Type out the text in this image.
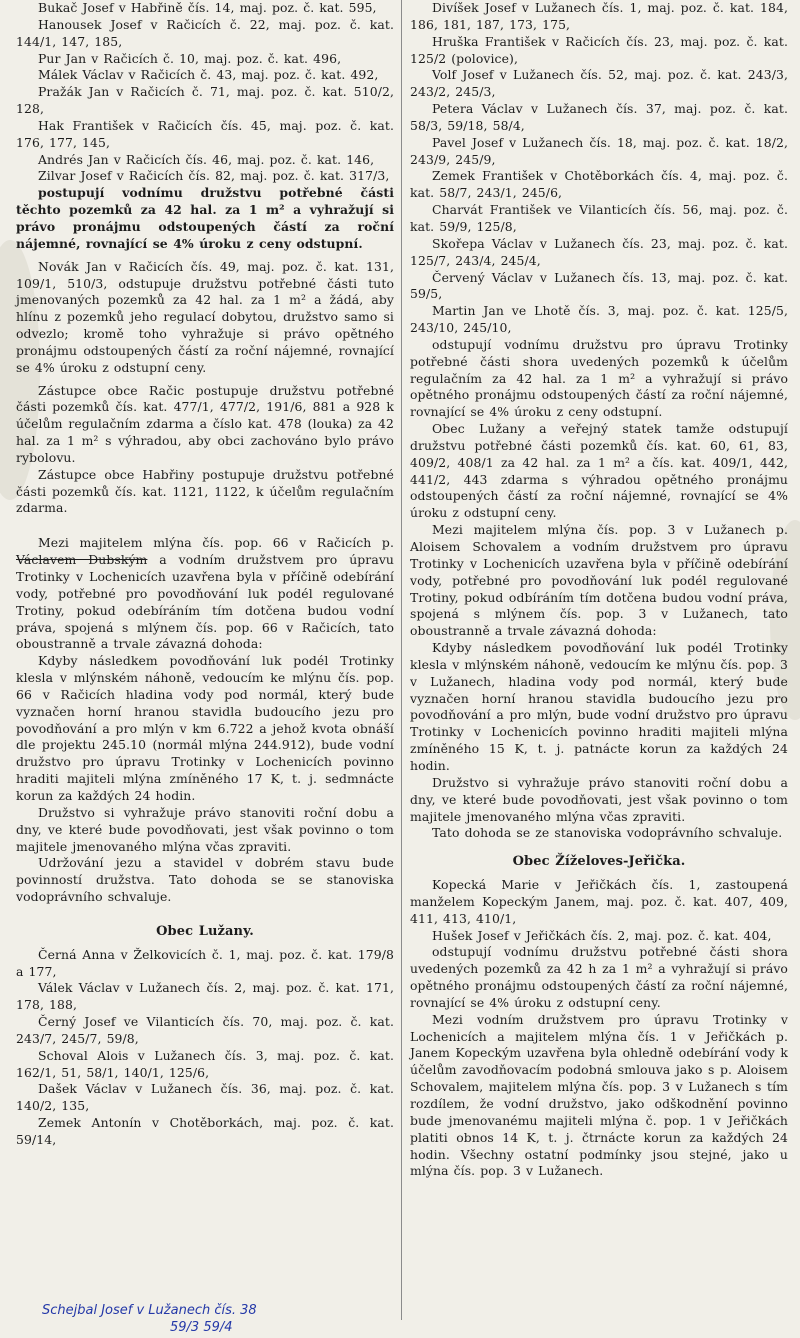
Bukač Josef v Habřině čís. 14, maj. poz. č. kat. 595,

Hanousek Josef v Račicích č. 22, maj. poz. č. kat. 144/1, 147, 185,

Pur Jan v Račicích č. 10, maj. poz. č. kat. 496,

Málek Václav v Račicích č. 43, maj. poz. č. kat. 492,

Pražák Jan v Račicích č. 71, maj. poz. č. kat. 510/2, 128,

Hak František v Račicích čís. 45, maj. poz. č. kat. 176, 177, 145,

Andrés Jan v Račicích čís. 46, maj. poz. č. kat. 146,

Zilvar Josef v Račicích čís. 82, maj. poz. č. kat. 317/3,

postupují vodnímu družstvu potřebné části těchto pozemků za 42 hal. za 1 m² a vyhražují si právo pronájmu odstoupených částí za roční nájemné, rovnající se 4% úroku z ceny odstupní.

Novák Jan v Račicích čís. 49, maj. poz. č. kat. 131, 109/1, 510/3, odstupuje družstvu potřebné části tuto jmenovaných pozemků za 42 hal. za 1 m² a žádá, aby hlínu z pozemků jeho regulací dobytou, družstvo samo si odvezlo; kromě toho vyhražuje si právo opětného pronájmu odstoupených částí za roční nájemné, rovnající se 4% úroku z odstupní ceny.

Zástupce obce Račic postupuje družstvu potřebné části pozemků čís. kat. 477/1, 477/2, 191/6, 881 a 928 k účelům regulačním zdarma a číslo kat. 478 (louka) za 42 hal. za 1 m² s výhradou, aby obci zachováno bylo právo rybolovu.

Zástupce obce Habřiny postupuje družstvu potřebné části pozemků čís. kat. 1121, 1122, k účelům regulačním zdarma.

Mezi majitelem mlýna čís. pop. 66 v Račicích p. Václavem Dubským a vodním družstvem pro úpravu Trotinky v Lochenicích uzavřena byla v příčině odebírání vody, potřebné pro povodňování luk podél regulované Trotiny, pokud odebíráním tím dotčena budou vodní práva, spojená s mlýnem čís. pop. 66 v Račicích, tato oboustranně a trvale závazná dohoda:

Kdyby následkem povodňování luk podél Trotinky klesla v mlýnském náhoně, vedoucím ke mlýnu čís. pop. 66 v Račicích hladina vody pod normál, který bude vyznačen horní hranou stavidla budoucího jezu pro povodňování a pro mlýn v km 6.722 a jehož kvota obnáší dle projektu 245.10 (normál mlýna 244.912), bude vodní družstvo pro úpravu Trotinky v Lochenicích povinno hraditi majiteli mlýna zmíněného 17 K, t. j. sedmnácte korun za každých 24 hodin.

Družstvo si vyhražuje právo stanoviti roční dobu a dny, ve které bude povodňovati, jest však povinno o tom majitele jmenovaného mlýna včas zpraviti.

Udržování jezu a stavidel v dobrém stavu bude povinností družstva. Tato dohoda se se stanoviska vodoprávního schvaluje.

Obec Lužany.

Černá Anna v Želkovicích č. 1, maj. poz. č. kat. 179/8 a 177,

Válek Václav v Lužanech čís. 2, maj. poz. č. kat. 171, 178, 188,

Černý Josef ve Vilanticích čís. 70, maj. poz. č. kat. 243/7, 245/7, 59/8,

Schoval Alois v Lužanech čís. 3, maj. poz. č. kat. 162/1, 51, 58/1, 140/1, 125/6,

Dašek Václav v Lužanech čís. 36, maj. poz. č. kat. 140/2, 135,

Zemek Antonín v Chotěborkách, maj. poz. č. kat. 59/14,

Divíšek Josef v Lužanech čís. 1, maj. poz. č. kat. 184, 186, 181, 187, 173, 175,

Hruška František v Račicích čís. 23, maj. poz. č. kat. 125/2 (polovice),

Volf Josef v Lužanech čís. 52, maj. poz. č. kat. 243/3, 243/2, 245/3,

Petera Václav v Lužanech čís. 37, maj. poz. č. kat. 58/3, 59/18, 58/4,

Pavel Josef v Lužanech čís. 18, maj. poz. č. kat. 18/2, 243/9, 245/9,

Zemek František v Chotěborkách čís. 4, maj. poz. č. kat. 58/7, 243/1, 245/6,

Charvát František ve Vilanticích čís. 56, maj. poz. č. kat. 59/9, 125/8,

Skořepa Václav v Lužanech čís. 23, maj. poz. č. kat. 125/7, 243/4, 245/4,

Červený Václav v Lužanech čís. 13, maj. poz. č. kat. 59/5,

Martin Jan ve Lhotě čís. 3, maj. poz. č. kat. 125/5, 243/10, 245/10,

odstupují vodnímu družstvu pro úpravu Trotinky potřebné části shora uvedených pozemků k účelům regulačním za 42 hal. za 1 m² a vyhražují si právo opětného pronájmu odstoupených částí za roční nájemné, rovnající se 4% úroku z ceny odstupní.

Obec Lužany a veřejný statek tamže odstupují družstvu potřebné části pozemků čís. kat. 60, 61, 83, 409/2, 408/1 za 42 hal. za 1 m² a čís. kat. 409/1, 442, 441/2, 443 zdarma s výhradou opětného pronájmu odstoupených částí za roční nájemné, rovnající se 4% úroku z odstupní ceny.

Mezi majitelem mlýna čís. pop. 3 v Lužanech p. Aloisem Schovalem a vodním družstvem pro úpravu Trotinky v Lochenicích uzavřena byla v příčině odebírání vody, potřebné pro povodňování luk podél regulované Trotiny, pokud odbíráním tím dotčena budou vodní práva, spojená s mlýnem čís. pop. 3 v Lužanech, tato oboustranně a trvale závazná dohoda:

Kdyby následkem povodňování luk podél Trotinky klesla v mlýnském náhoně, vedoucím ke mlýnu čís. pop. 3 v Lužanech, hladina vody pod normál, který bude vyznačen horní hranou stavidla budoucího jezu pro povodňování a pro mlýn, bude vodní družstvo pro úpravu Trotinky v Lochenicích povinno hraditi majiteli mlýna zmíněného 15 K, t. j. patnácte korun za každých 24 hodin.

Družstvo si vyhražuje právo stanoviti roční dobu a dny, ve které bude povodňovati, jest však povinno o tom majitele jmenovaného mlýna včas zpraviti.

Tato dohoda se ze stanoviska vodoprávního schvaluje.

Obec Žíželoves-Jeřička.

Kopecká Marie v Jeřičkách čís. 1, zastoupená manželem Kopeckým Janem, maj. poz. č. kat. 407, 409, 411, 413, 410/1,

Hušek Josef v Jeřičkách čís. 2, maj. poz. č. kat. 404,

odstupují vodnímu družstvu potřebné části shora uvedených pozemků za 42 h za 1 m² a vyhražují si právo opětného pronájmu odstoupených částí za roční nájemné, rovnající se 4% úroku z odstupní ceny.

Mezi vodním družstvem pro úpravu Trotinky v Lochenicích a majitelem mlýna čís. 1 v Jeřičkách p. Janem Kopeckým uzavřena byla ohledně odebírání vody k účelům zavodňovacím podobná smlouva jako s p. Aloisem Schovalem, majitelem mlýna čís. pop. 3 v Lužanech s tím rozdílem, že vodní družstvo, jako odškodnění povinno bude jmenovanému majiteli mlýna č. pop. 1 v Jeřičkách platiti obnos 14 K, t. j. čtrnácte korun za každých 24 hodin. Všechny ostatní podmínky jsou stejné, jako u mlýna čís. pop. 3 v Lužanech.

Schejbal Josef v Lužanech čís. 38
59/3 59/4
